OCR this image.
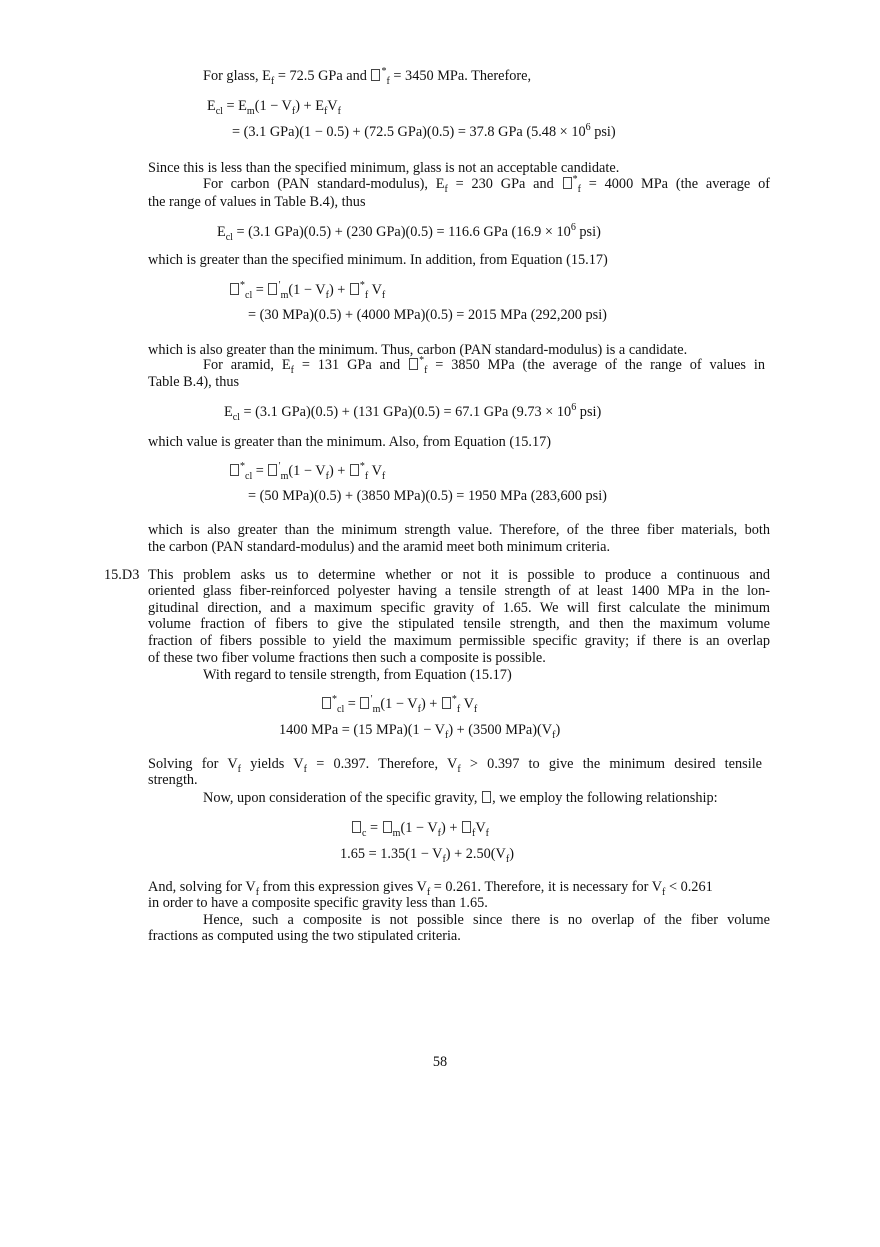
For glass, $E_f = 72.5$ GPa and *$_f$ = 3450 MPa. Therefore,
$E_{cl} = E_m(1 - V_f) + E_fV_f$
= (3.1 GPa)(1 − 0.5) + (72.5 GPa)(0.5) = 37.8 GPa ($5.48 \times 10^6$ psi)
Since this is less than the specified minimum, glass is not an acceptable candidate.
For carbon (PAN standard-modulus), $E_f = 230$ GPa and *$_f$ = 4000 MPa (the average of
the range of values in Table B.4), thus
$E_{cl} = (3.1$ GPa)(0.5) + (230 GPa)(0.5) = 116.6 GPa ($16.9 \times 10^6$ psi)
which is greater than the specified minimum. In addition, from Equation (15.17)
$^*_{cl} = '_m(1 - V_f) + ^*_f$ $V_f$
= (30 MPa)(0.5) + (4000 MPa)(0.5) = 2015 MPa (292,200 psi)
which is also greater than the minimum. Thus, carbon (PAN standard-modulus) is a candidate.
For aramid, $E_f = 131$ GPa and *$_f$ = 3850 MPa (the average of the range of values in
Table B.4), thus
$E_{cl} = (3.1$ GPa)(0.5) + (131 GPa)(0.5) = 67.1 GPa ($9.73 \times 10^6$ psi)
which value is greater than the minimum. Also, from Equation (15.17)
$^*_{cl} = '_m(1 - V_f) + ^*_f$ $V_f$
= (50 MPa)(0.5) + (3850 MPa)(0.5) = 1950 MPa (283,600 psi)
which is also greater than the minimum strength value. Therefore, of the three fiber materials, both
the carbon (PAN standard-modulus) and the aramid meet both minimum criteria.
15.D3 This problem asks us to determine whether or not it is possible to produce a continuous and
oriented glass fiber-reinforced polyester having a tensile strength of at least 1400 MPa in the lon-
gitudinal direction, and a maximum specific gravity of 1.65. We will first calculate the minimum
volume fraction of fibers to give the stipulated tensile strength, and then the maximum volume
fraction of fibers possible to yield the maximum permissible specific gravity; if there is an overlap
of these two fiber volume fractions then such a composite is possible.
With regard to tensile strength, from Equation (15.17)
$^*_{cl} = '_m(1 - V_f) + ^*_f$ $V_f$
1400 MPa = (15 $MPa)(1 - V_f) + (3500$ $MPa)(V_f)$
Solving for $V_f$ yields $V_f = 0.397$. Therefore, $V_f > 0.397$ to give the minimum desired tensile
strength.
Now, upon consideration of the specific gravity, , we employ the following relationship:
$_c = _m(1 - V_f) + _fV_f$
$1.65 = 1.35(1 - V_f) + 2.50(V_f)$
And, solving for $V_f$ from this expression gives $V_f = 0.261$. Therefore, it is necessary for $V_f < 0.261$
in order to have a composite specific gravity less than 1.65.
Hence, such a composite is not possible since there is no overlap of the fiber volume
fractions as computed using the two stipulated criteria.
58
